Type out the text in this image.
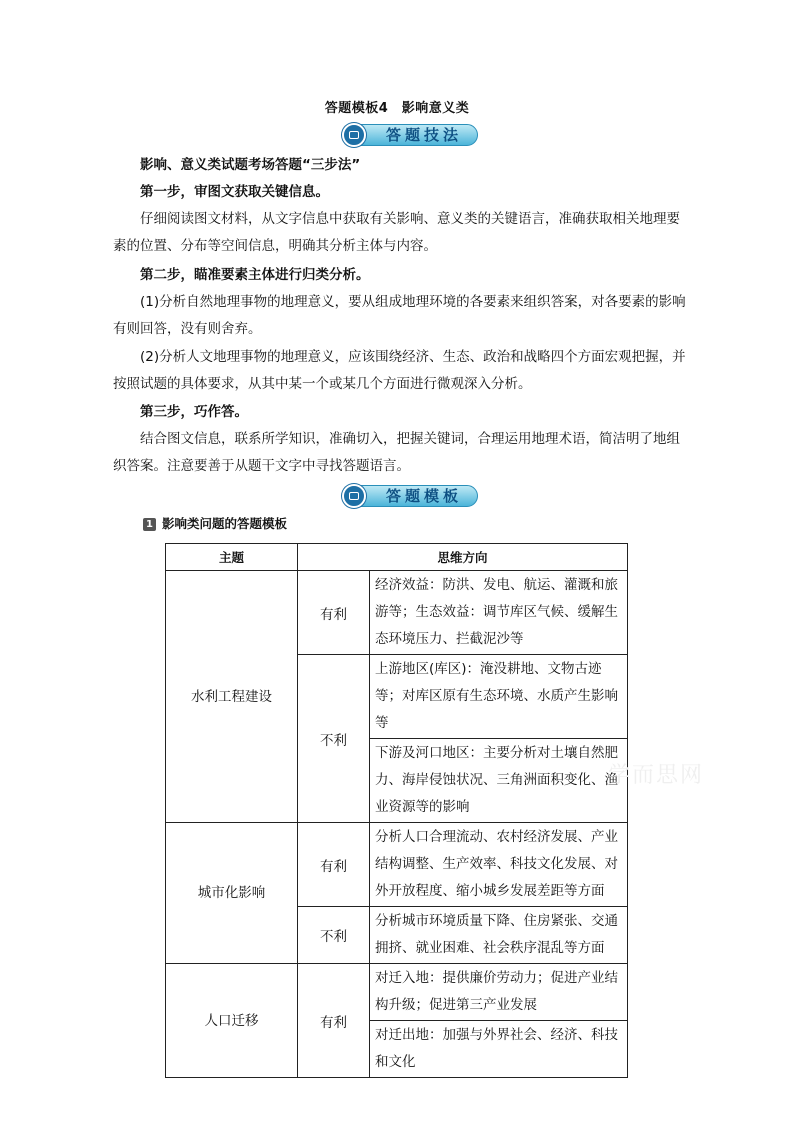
答题模板4　影响意义类
答题技法
影响、意义类试题考场答题“三步法”
第一步，审图文获取关键信息。
仔细阅读图文材料，从文字信息中获取有关影响、意义类的关键语言，准确获取相关地理要素的位置、分布等空间信息，明确其分析主体与内容。
第二步，瞄准要素主体进行归类分析。
(1)分析自然地理事物的地理意义，要从组成地理环境的各要素来组织答案，对各要素的影响有则回答，没有则舍弃。
(2)分析人文地理事物的地理意义，应该围绕经济、生态、政治和战略四个方面宏观把握，并按照试题的具体要求，从其中某一个或某几个方面进行微观深入分析。
第三步，巧作答。
结合图文信息，联系所学知识，准确切入，把握关键词，合理运用地理术语，简洁明了地组织答案。注意要善于从题干文字中寻找答题语言。
答题模板
1 影响类问题的答题模板
主题	思维方向	
水利工程建设	有利	经济效益：防洪、发电、航运、灌溉和旅游等；生态效益：调节库区气候、缓解生态环境压力、拦截泥沙等
	不利	上游地区(库区)：淹没耕地、文物古迹等；对库区原有生态环境、水质产生影响等
		下游及河口地区：主要分析对土壤自然肥力、海岸侵蚀状况、三角洲面积变化、渔业资源等的影响
城市化影响	有利	分析人口合理流动、农村经济发展、产业结构调整、生产效率、科技文化发展、对外开放程度、缩小城乡发展差距等方面
	不利	分析城市环境质量下降、住房紧张、交通拥挤、就业困难、社会秩序混乱等方面
人口迁移	有利	对迁入地：提供廉价劳动力；促进产业结构升级；促进第三产业发展
		对迁出地：加强与外界社会、经济、科技和文化
学而思网
